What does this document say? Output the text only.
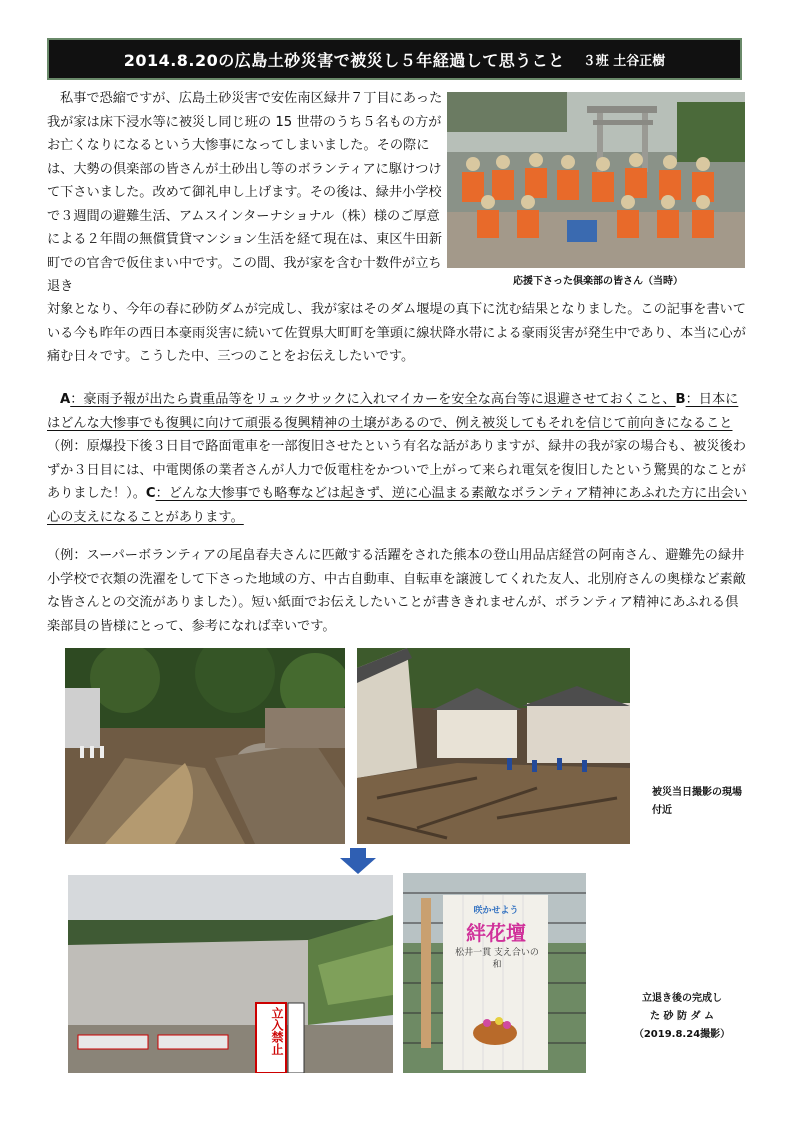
2014.8.20の広島土砂災害で被災し５年経過して思うこと ３班 土谷正樹

私事で恐縮ですが、広島土砂災害で安佐南区緑井７丁目にあった我が家は床下浸水等に被災し同じ班の 15 世帯のうち５名もの方がお亡くなりになるという大惨事になってしまいました。その際には、大勢の倶楽部の皆さんが土砂出し等のボランティアに駆けつけて下さいました。改めて御礼申し上げます。その後は、緑井小学校で３週間の避難生活、アムスインターナショナル（株）様のご厚意による２年間の無償賃貸マンション生活を経て現在は、東区牛田新町での官舎で仮住まい中です。この間、我が家を含む十数件が立ち退き

対象となり、今年の春に砂防ダムが完成し、我が家はそのダム堰堤の真下に沈む結果となりました。この記事を書いている今も昨年の西日本豪雨災害に続いて佐賀県大町町を筆頭に線状降水帯による豪雨災害が発生中であり、本当に心が痛む日々です。こうした中、三つのことをお伝えしたいです。

A：豪雨予報が出たら貴重品等をリュックサックに入れマイカーを安全な高台等に退避させておくこと、B：日本にはどんな大惨事でも復興に向けて頑張る復興精神の土壌があるので、例え被災してもそれを信じて前向きになること（例：原爆投下後３日目で路面電車を一部復旧させたという有名な話がありますが、緑井の我が家の場合も、被災後わずか３日目には、中電関係の業者さんが人力で仮電柱をかついで上がって来られ電気を復旧したという驚異的なことがありました！）。C：どんな大惨事でも略奪などは起きず、逆に心温まる素敵なボランティア精神にあふれた方に出会い心の支えになることがあります。

（例：スーパーボランティアの尾畠春夫さんに匹敵する活躍をされた熊本の登山用品店経営の阿南さん、避難先の緑井小学校で衣類の洗濯をして下さった地域の方、中古自動車、自転車を譲渡してくれた友人、北別府さんの奥様など素敵な皆さんとの交流がありました）。短い紙面でお伝えしたいことが書ききれませんが、ボランティア精神にあふれる倶楽部員の皆様にとって、参考になれば幸いです。

応援下さった倶楽部の皆さん（当時）
被災当日撮影の現場付近
立入禁止
咲かせよう
絆花壇
松井一貫 支え合いの和
立退き後の完成し
た 砂 防 ダ ム
（2019.8.24撮影）
